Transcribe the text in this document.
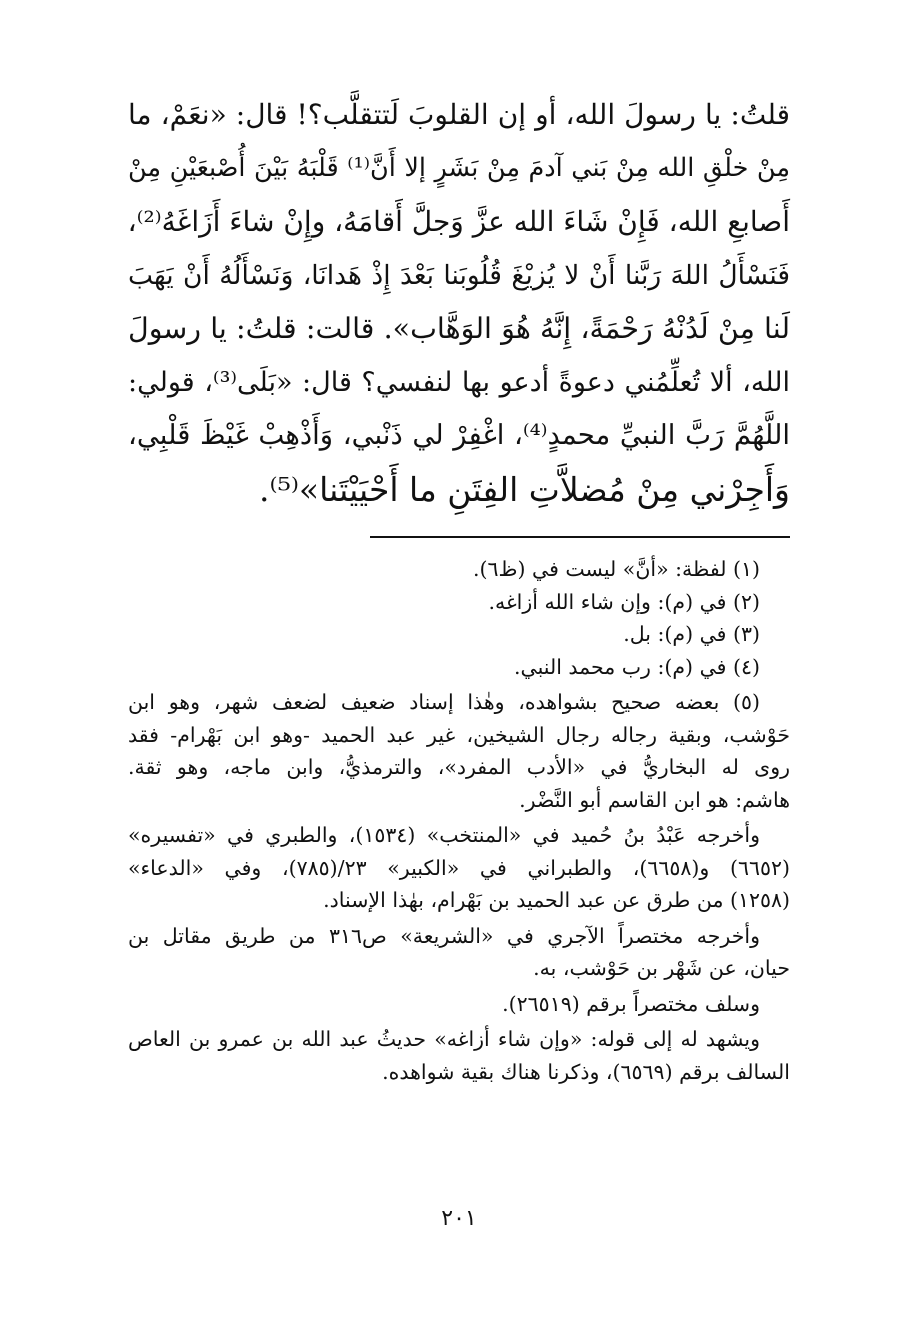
قلتُ: يا رسولَ الله، أو إن القلوبَ لَتتقلَّب؟! قال: «نعَمْ، ما
مِنْ خلْقِ الله مِنْ بَني آدمَ مِنْ بَشَرٍ إلا أَنَّ⁽¹⁾ قَلْبَهُ بَيْنَ أُصْبعَيْنِ مِنْ
أَصابعِ الله، فَإِنْ شَاءَ الله عزَّ وَجلَّ أَقامَهُ، وإِنْ شاءَ أَزَاغَهُ⁽²⁾،
فَنَسْأَلُ اللهَ رَبَّنا أَنْ لا يُزيْغَ قُلُوبَنا بَعْدَ إِذْ هَدانَا، وَنَسْأَلُهُ أَنْ يَهَبَ
لَنا مِنْ لَدُنْهُ رَحْمَةً، إِنَّهُ هُوَ الوَهَّاب». قالت: قلتُ: يا رسولَ
الله، ألا تُعلِّمُني دعوةً أدعو بها لنفسي؟ قال: «بَلَى⁽³⁾، قولي:
اللَّهُمَّ رَبَّ النبيِّ محمدٍ⁽⁴⁾، اغْفِرْ لي ذَنْبي، وَأَذْهِبْ غَيْظَ قَلْبِي،
وَأَجِرْني مِنْ مُضلاَّتِ الفِتَنِ ما أَحْيَيْتَنا»⁽⁵⁾.
(١) لفظة: «أنَّ» ليست في (ظ٦).
(٢) في (م): وإن شاء الله أزاغه.
(٣) في (م): بل.
(٤) في (م): رب محمد النبي.
(٥) بعضه صحيح بشواهده، وهٰذا إسناد ضعيف لضعف شهر، وهو ابن
حَوْشب، وبقية رجاله رجال الشيخين، غير عبد الحميد -وهو ابن بَهْرام- فقد
روى له البخاريُّ في «الأدب المفرد»، والترمذيُّ، وابن ماجه، وهو ثقة.
هاشم: هو ابن القاسم أبو النَّضْر.
وأخرجه عَبْدُ بنُ حُميد في «المنتخب» (١٥٣٤)، والطبري في «تفسيره»
(٦٦٥٢) و(٦٦٥٨)، والطبراني في «الكبير» ٢٣/(٧٨٥)، وفي «الدعاء»
(١٢٥٨) من طرق عن عبد الحميد بن بَهْرام، بهٰذا الإسناد.
وأخرجه مختصراً الآجري في «الشريعة» ص٣١٦ من طريق مقاتل بن
حيان، عن شَهْر بن حَوْشب، به.
وسلف مختصراً برقم (٢٦٥١٩).
ويشهد له إلى قوله: «وإن شاء أزاغه» حديثُ عبد الله بن عمرو بن العاص
السالف برقم (٦٥٦٩)، وذكرنا هناك بقية شواهده.
٢٠١
